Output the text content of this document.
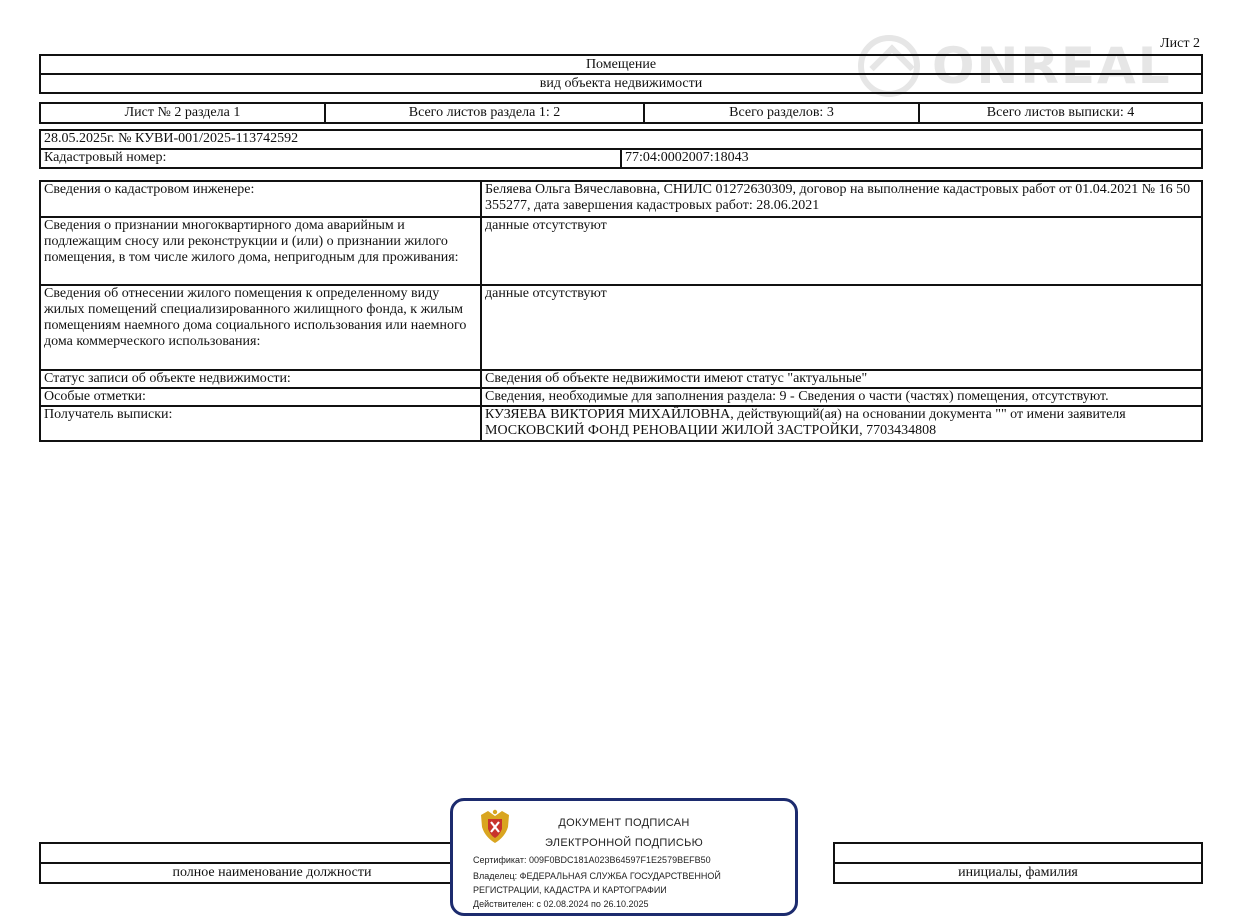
Лист 2
ONREAL
Помещение
вид объекта недвижимости
Лист № 2 раздела 1	Всего листов раздела 1: 2	Всего разделов: 3	Всего листов выписки: 4
28.05.2025г. № КУВИ-001/2025-113742592
Кадастровый номер:	77:04:0002007:18043
Сведения о кадастровом инженере:	Беляева Ольга Вячеславовна, СНИЛС 01272630309, договор на выполнение кадастровых работ от 01.04.2021 № 16 50 355277, дата завершения кадастровых работ: 28.06.2021
Сведения о признании многоквартирного дома аварийным и подлежащим сносу или реконструкции и (или) о признании жилого помещения, в том числе жилого дома, непригодным для проживания:	данные отсутствуют
Сведения об отнесении жилого помещения к определенному виду жилых помещений специализированного жилищного фонда, к жилым помещениям наемного дома социального использования или наемного дома коммерческого использования:	данные отсутствуют
Статус записи об объекте недвижимости:	Сведения об объекте недвижимости имеют статус "актуальные"
Особые отметки:	Сведения, необходимые для заполнения раздела: 9 - Сведения о части (частях) помещения, отсутствуют.
Получатель выписки:	КУЗЯЕВА ВИКТОРИЯ МИХАЙЛОВНА, действующий(ая) на основании документа "" от имени заявителя МОСКОВСКИЙ ФОНД РЕНОВАЦИИ ЖИЛОЙ ЗАСТРОЙКИ, 7703434808

полное наименование должности		инициалы, фамилия
ДОКУМЕНТ ПОДПИСАН
ЭЛЕКТРОННОЙ ПОДПИСЬЮ
Сертификат: 009F0BDC181A023B64597F1E2579BEFB50
Владелец: ФЕДЕРАЛЬНАЯ СЛУЖБА ГОСУДАРСТВЕННОЙ
РЕГИСТРАЦИИ, КАДАСТРА И КАРТОГРАФИИ
Действителен: с 02.08.2024 по 26.10.2025
